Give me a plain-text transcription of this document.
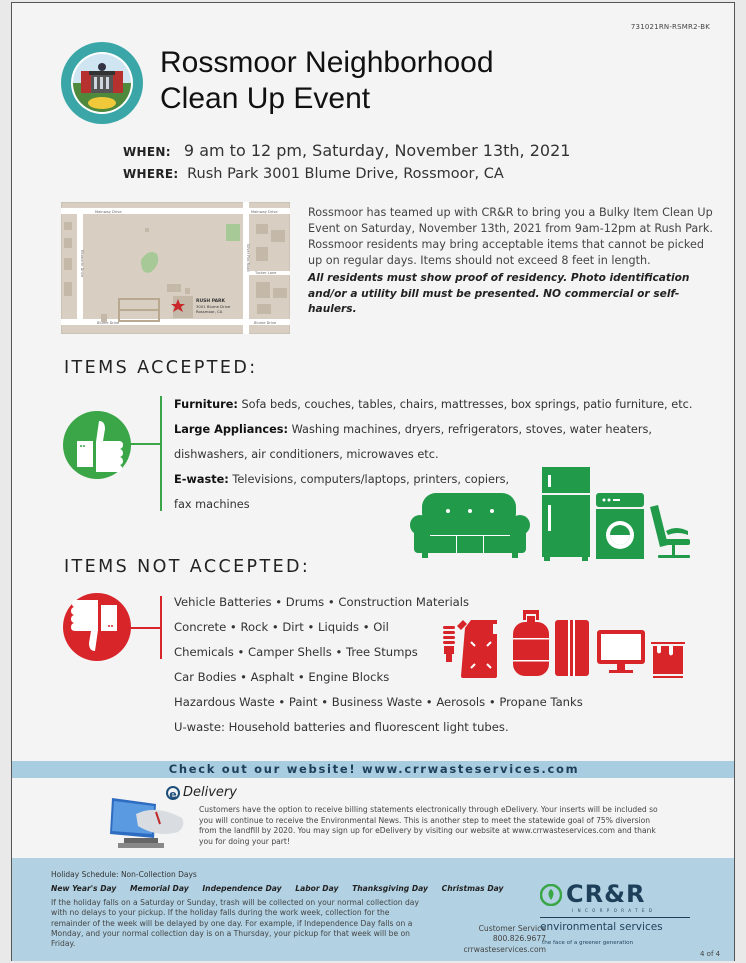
731021RN-RSMR2-BK
Rossmoor Neighborhood
Clean Up Event
WHEN: 9 am to 12 pm, Saturday, November 13th, 2021
WHERE: Rush Park 3001 Blume Drive, Rossmoor, CA
Mainway Drive	Mainway Drive
Blume Drive	Blume Drive
Tucker Lane
Ellsworth Drive	Silver Fox Road
RUSH PARK
3001 Blume Drive
Rossmoor, CA
Rossmoor has teamed up with CR&R to bring you a Bulky Item Clean Up Event on Saturday, November 13th, 2021 from 9am-12pm at Rush Park. Rossmoor residents may bring acceptable items that cannot be picked up on regular days. Items should not exceed 8 feet in length.
All residents must show proof of residency. Photo identification and/or a utility bill must be presented. NO commercial or self-haulers.
ITEMS ACCEPTED:
Furniture: Sofa beds, couches, tables, chairs, mattresses, box springs, patio furniture, etc.
Large Appliances: Washing machines, dryers, refrigerators, stoves, water heaters,
dishwashers, air conditioners, microwaves etc.
E-waste: Televisions, computers/laptops, printers, copiers,
fax machines
ITEMS NOT ACCEPTED:
Vehicle Batteries • Drums • Construction Materials
Concrete • Rock • Dirt • Liquids • Oil
Chemicals • Camper Shells • Tree Stumps
Car Bodies • Asphalt • Engine Blocks
Hazardous Waste • Paint • Business Waste • Aerosols • Propane Tanks
U-waste: Household batteries and fluorescent light tubes.
Check out our website! www.crrwasteservices.com
e Delivery
Customers have the option to receive billing statements electronically through eDelivery. Your inserts will be included so you will continue to receive the Environmental News. This is another step to meet the statewide goal of 75% diversion from the landfill by 2020. You may sign up for eDelivery by visiting our website at www.crrwasteservices.com and thank you for doing your part!
Holiday Schedule: Non-Collection Days
New Year's Day Memorial Day Independence Day Labor Day Thanksgiving Day Christmas Day
If the holiday falls on a Saturday or Sunday, trash will be collected on your normal collection day with no delays to your pickup. If the holiday falls during the work week, collection for the remainder of the week will be delayed by one day. For example, if Independence Day falls on a Monday, and your normal collection day is on a Thursday, your pickup for that week will be on Friday.
Customer Service
800.826.9677
crrwasteservices.com
CR&R
INCORPORATED
environmental services
the face of a greener generation
4 of 4
